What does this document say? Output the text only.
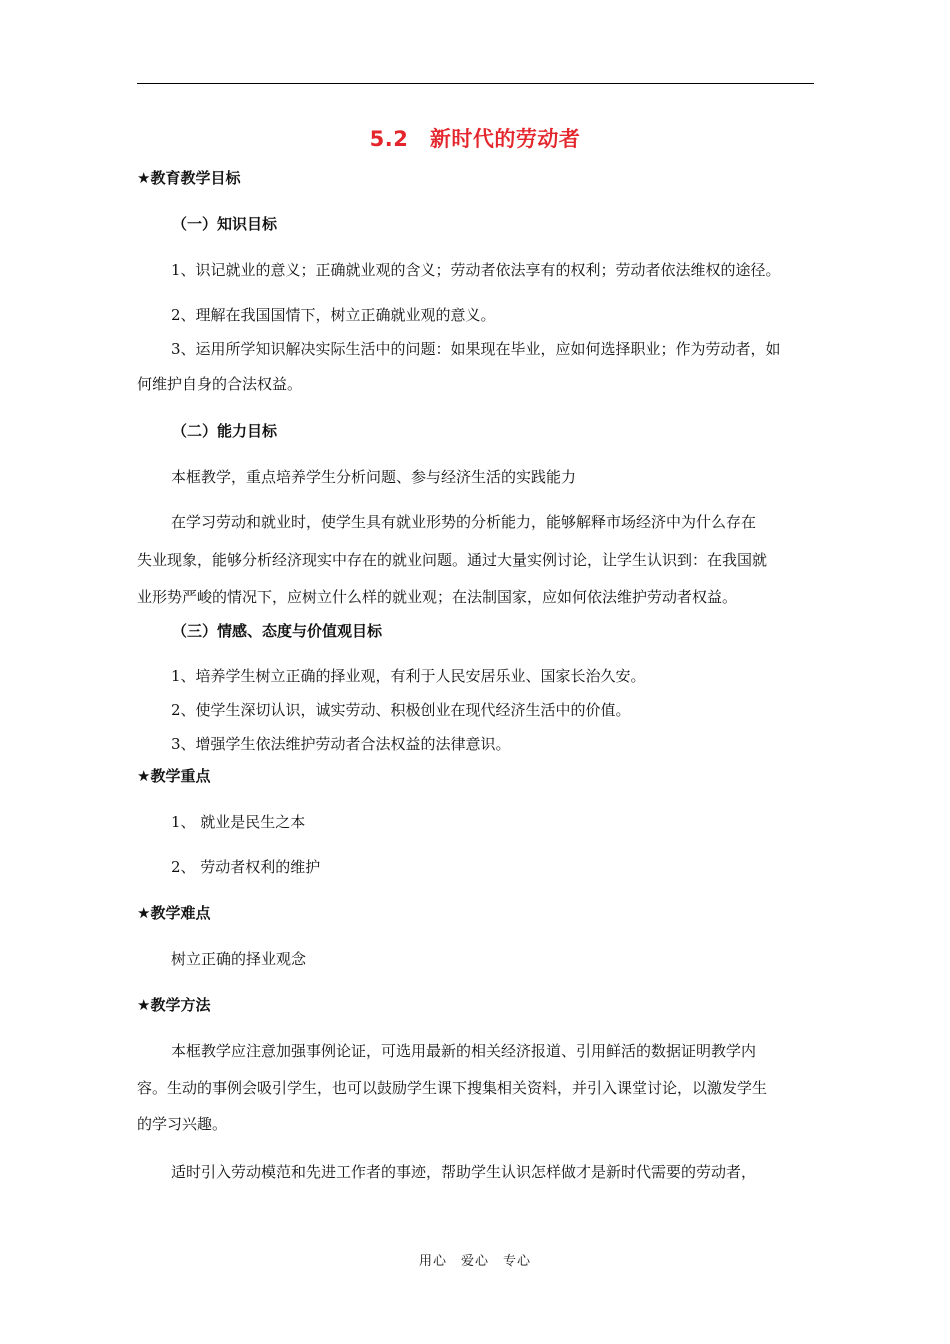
5.2　新时代的劳动者
★教育教学目标
（一）知识目标
1、识记就业的意义；正确就业观的含义；劳动者依法享有的权利；劳动者依法维权的途径。
2、理解在我国国情下，树立正确就业观的意义。
3、运用所学知识解决实际生活中的问题：如果现在毕业，应如何选择职业；作为劳动者，如
何维护自身的合法权益。
（二）能力目标
本框教学，重点培养学生分析问题、参与经济生活的实践能力
在学习劳动和就业时，使学生具有就业形势的分析能力，能够解释市场经济中为什么存在
失业现象，能够分析经济现实中存在的就业问题。通过大量实例讨论，让学生认识到：在我国就
业形势严峻的情况下，应树立什么样的就业观；在法制国家，应如何依法维护劳动者权益。
（三）情感、态度与价值观目标
1、培养学生树立正确的择业观，有利于人民安居乐业、国家长治久安。
2、使学生深切认识，诚实劳动、积极创业在现代经济生活中的价值。
3、增强学生依法维护劳动者合法权益的法律意识。
★教学重点
1、 就业是民生之本
2、 劳动者权利的维护
★教学难点
树立正确的择业观念
★教学方法
本框教学应注意加强事例论证，可选用最新的相关经济报道、引用鲜活的数据证明教学内
容。生动的事例会吸引学生，也可以鼓励学生课下搜集相关资料，并引入课堂讨论，以激发学生
的学习兴趣。
适时引入劳动模范和先进工作者的事迹，帮助学生认识怎样做才是新时代需要的劳动者，
用心　爱心　专心
